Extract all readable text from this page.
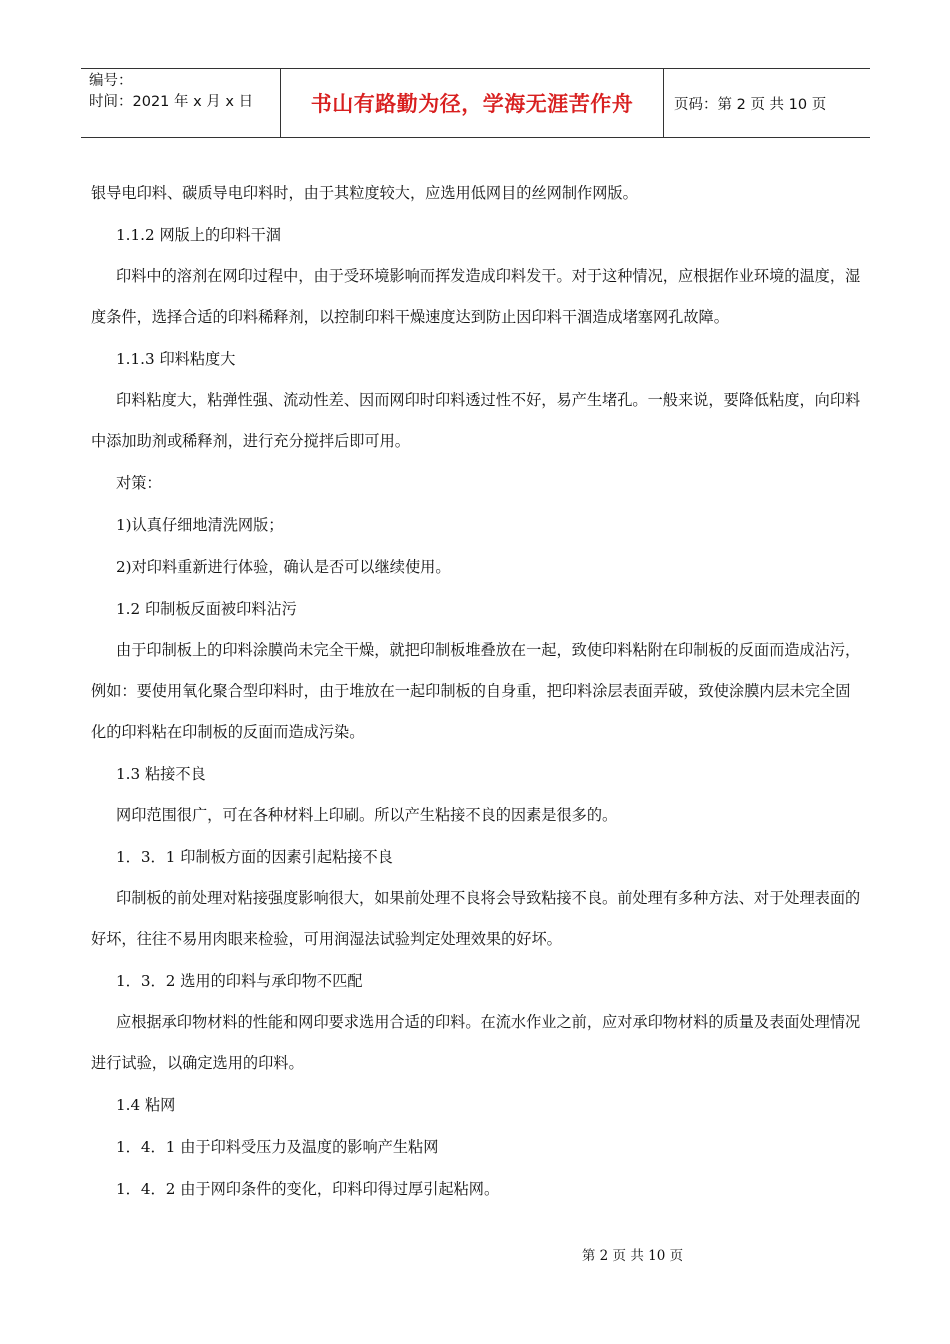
编号：
时间：2021 年 x 月 x 日	书山有路勤为径，学海无涯苦作舟	页码：第 2 页 共 10 页

银导电印料、碳质导电印料时，由于其粒度较大，应选用低网目的丝网制作网版。

1.1.2 网版上的印料干涸

印料中的溶剂在网印过程中，由于受环境影响而挥发造成印料发干。对于这种情况，应根据作业环境的温度，湿度条件，选择合适的印料稀释剂，以控制印料干燥速度达到防止因印料干涸造成堵塞网孔故障。

1.1.3 印料粘度大

印料粘度大，粘弹性强、流动性差、因而网印时印料透过性不好，易产生堵孔。一般来说，要降低粘度，向印料中添加助剂或稀释剂，进行充分搅拌后即可用。

对策：

1)认真仔细地清洗网版；

2)对印料重新进行体验，确认是否可以继续使用。

1.2 印制板反面被印料沾污

由于印制板上的印料涂膜尚未完全干燥，就把印制板堆叠放在一起，致使印料粘附在印制板的反面而造成沾污，例如：要使用氧化聚合型印料时，由于堆放在一起印制板的自身重，把印料涂层表面弄破，致使涂膜内层未完全固化的印料粘在印制板的反面而造成污染。

1.3 粘接不良

网印范围很广，可在各种材料上印刷。所以产生粘接不良的因素是很多的。

1．3．1 印制板方面的因素引起粘接不良

印制板的前处理对粘接强度影响很大，如果前处理不良将会导致粘接不良。前处理有多种方法、对于处理表面的好坏，往往不易用肉眼来检验，可用润湿法试验判定处理效果的好坏。

1．3．2 选用的印料与承印物不匹配

应根据承印物材料的性能和网印要求选用合适的印料。在流水作业之前，应对承印物材料的质量及表面处理情况进行试验，以确定选用的印料。

1.4 粘网

1．4．1 由于印料受压力及温度的影响产生粘网

1．4．2 由于网印条件的变化，印料印得过厚引起粘网。

第 2 页 共 10 页
